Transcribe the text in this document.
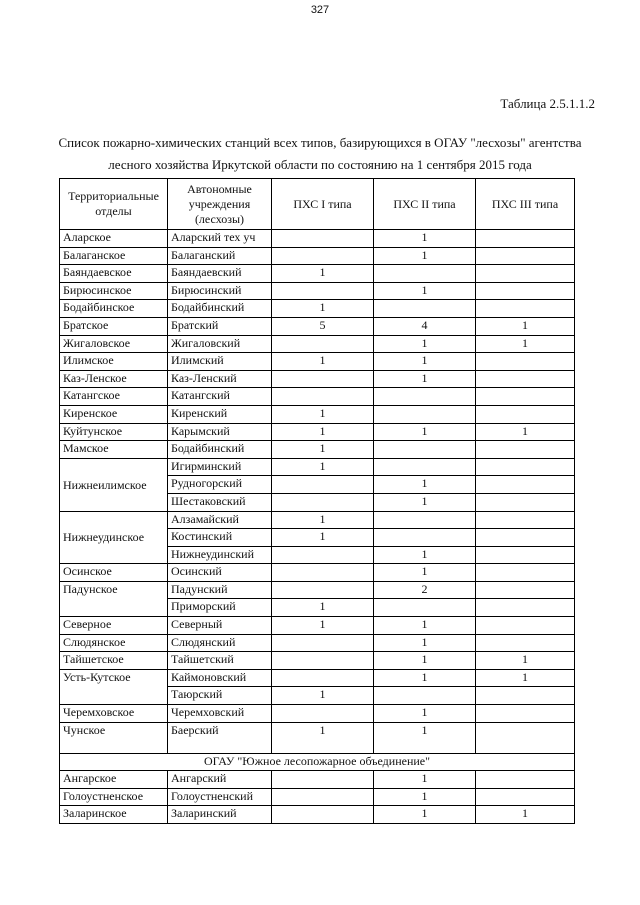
327
Таблица 2.5.1.1.2
Список пожарно-химических станций всех типов, базирующихся в ОГАУ "лесхозы" агентства
лесного хозяйства Иркутской области по состоянию на 1 сентября 2015 года
Территориальные отделы	Автономные учреждения (лесхозы)	ПХС I типа	ПХС II типа	ПХС III типа
Аларское	Аларский тех уч		1	
Балаганское	Балаганский		1	
Баяндаевское	Баяндаевский	1		
Бирюсинское	Бирюсинский		1	
Бодайбинское	Бодайбинский	1		
Братское	Братский	5	4	1
Жигаловское	Жигаловский		1	1
Илимское	Илимский	1	1	
Каз-Ленское	Каз-Ленский		1	
Катангское	Катангский			
Киренское	Киренский	1		
Куйтунское	Карымский	1	1	1
Мамское	Бодайбинский	1		
Нижнеилимское	Игирминский	1		
	Рудногорский		1	
	Шестаковский		1	
Нижнеудинское	Алзамайский	1		
	Костинский	1		
	Нижнеудинский		1	
Осинское	Осинский		1	
Падунское	Падунский		2	
	Приморский	1		
Северное	Северный	1	1	
Слюдянское	Слюдянский		1	
Тайшетское	Тайшетский		1	1
Усть-Кутское	Каймоновский		1	1
	Таюрский	1		
Черемховское	Черемховский		1	
Чунское	Баерский	1	1	
ОГАУ "Южное лесопожарное объединение"				
Ангарское	Ангарский		1	
Голоустненское	Голоустненский		1	
Заларинское	Заларинский		1	1
